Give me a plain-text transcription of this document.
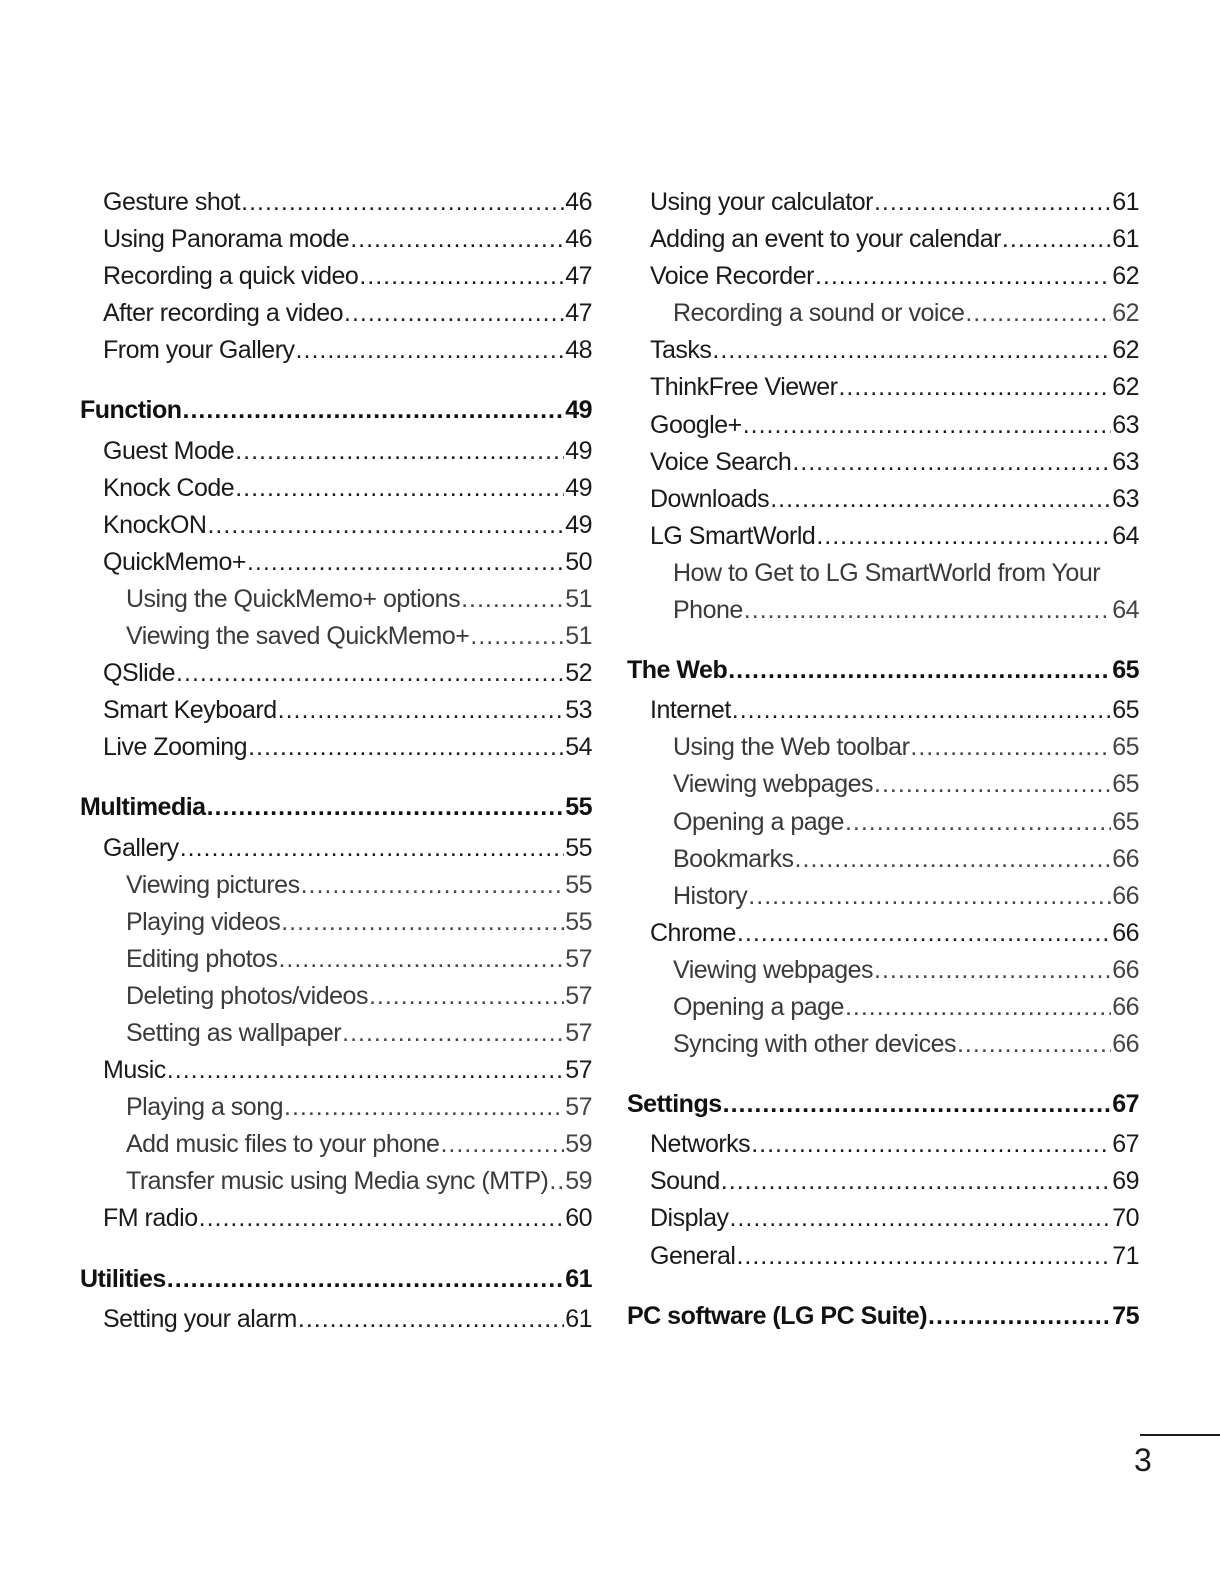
Gesture shot .....	46
Using Panorama mode .....	46
Recording a quick video .....	47
After recording a video .....	47
From your Gallery .....	48
Function .....	49
Guest Mode .....	49
Knock Code .....	49
KnockON .....	49
QuickMemo+ .....	50
Using the QuickMemo+ options .....	51
Viewing the saved QuickMemo+ .....	51
QSlide .....	52
Smart Keyboard .....	53
Live Zooming .....	54
Multimedia .....	55
Gallery .....	55
Viewing pictures .....	55
Playing videos .....	55
Editing photos .....	57
Deleting photos/videos .....	57
Setting as wallpaper .....	57
Music .....	57
Playing a song .....	57
Add music files to your phone .....	59
Transfer music using Media sync (MTP) ..... 59
FM radio .....	60
Utilities .....	61
Setting your alarm .....	61
Using your calculator .....	61
Adding an event to your calendar .....	61
Voice Recorder .....	62
Recording a sound or voice .....	62
Tasks .....	62
ThinkFree Viewer .....	62
Google+ .....	63
Voice Search .....	63
Downloads .....	63
LG SmartWorld .....	64
How to Get to LG SmartWorld from Your
Phone .....	64
The Web .....	65
Internet .....	65
Using the Web toolbar .....	65
Viewing webpages .....	65
Opening a page .....	65
Bookmarks .....	66
History .....	66
Chrome .....	66
Viewing webpages .....	66
Opening a page .....	66
Syncing with other devices .....	66
Settings .....	67
Networks .....	67
Sound .....	69
Display .....	70
General .....	71
PC software (LG PC Suite) .....	75
3
